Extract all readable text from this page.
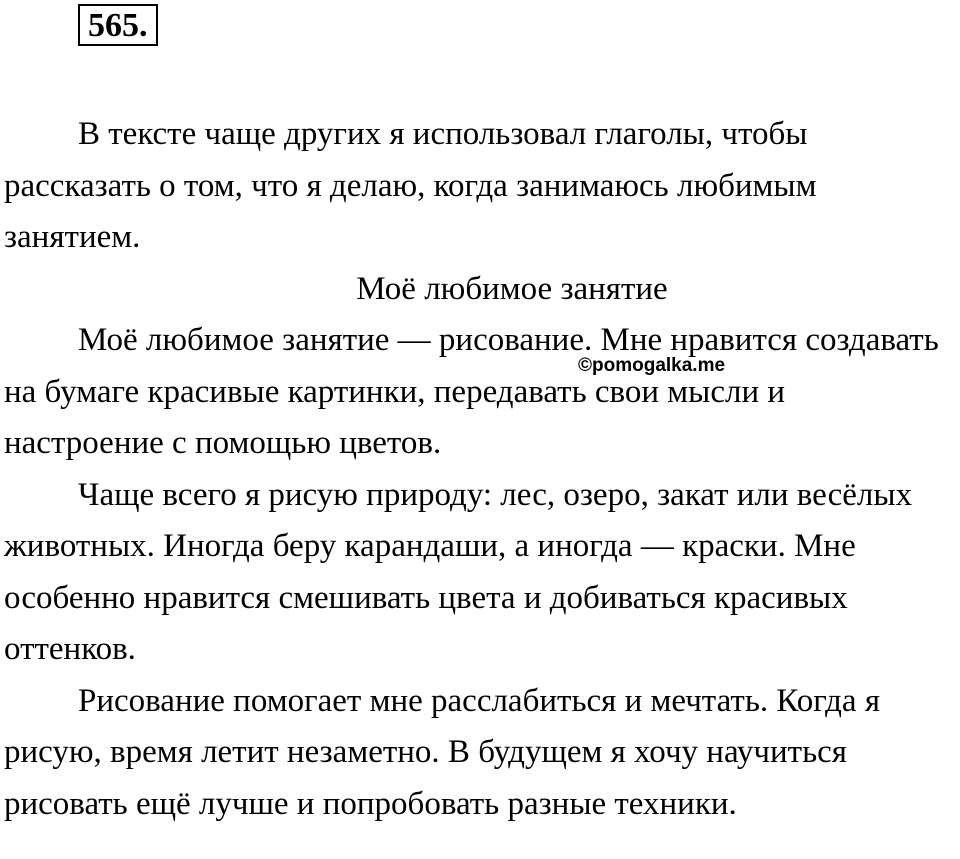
565.

В тексте чаще других я использовал глаголы, чтобы рассказать о том, что я делаю, когда занимаюсь любимым занятием.

Моё любимое занятие

Моё любимое занятие — рисование. Мне нравится создавать на бумаге красивые картинки, передавать свои мысли и настроение с помощью цветов.

Чаще всего я рисую природу: лес, озеро, закат или весёлых животных. Иногда беру карандаши, а иногда — краски. Мне особенно нравится смешивать цвета и добиваться красивых оттенков.

Рисование помогает мне расслабиться и мечтать. Когда я рисую, время летит незаметно. В будущем я хочу научиться рисовать ещё лучше и попробовать разные техники.

©pomogalka.me
